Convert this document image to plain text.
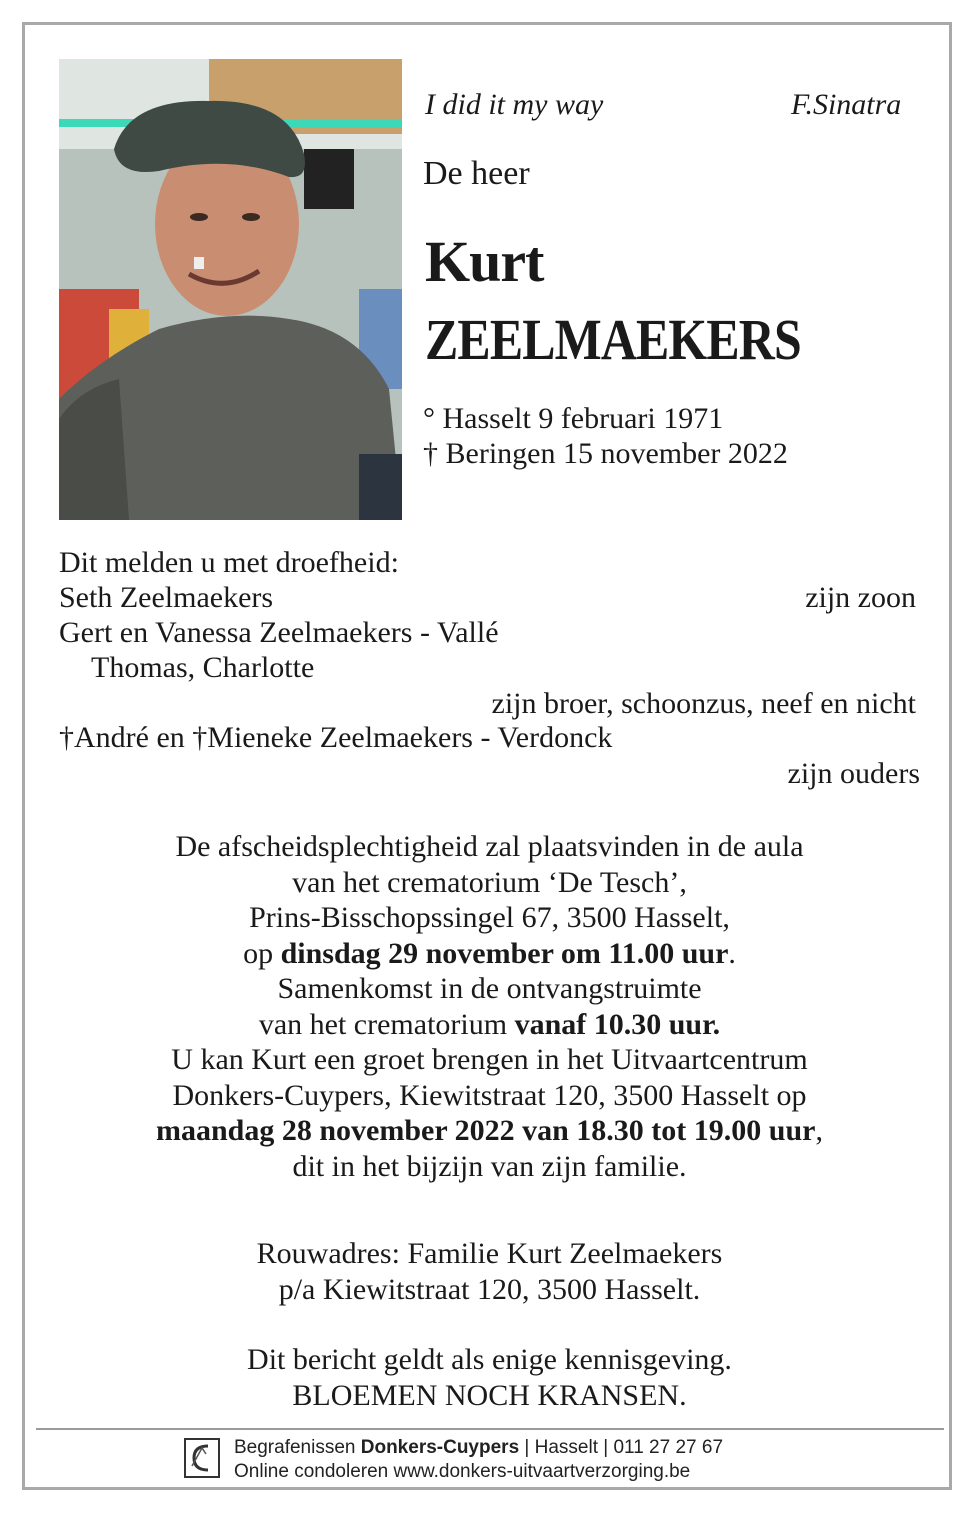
I did it my way	F.Sinatra
De heer
Kurt
ZEELMAEKERS
° Hasselt 9 februari 1971
† Beringen 15 november 2022
Dit melden u met droefheid:
Seth Zeelmaekers	zijn zoon
Gert en Vanessa Zeelmaekers - Vallé
Thomas, Charlotte
zijn broer, schoonzus, neef en nicht
†André en †Mieneke Zeelmaekers - Verdonck
zijn ouders
De afscheidsplechtigheid zal plaatsvinden in de aula
van het crematorium ‘De Tesch’,
Prins-Bisschopssingel 67, 3500 Hasselt,
op dinsdag 29 november om 11.00 uur.
Samenkomst in de ontvangstruimte
van het crematorium vanaf 10.30 uur.
U kan Kurt een groet brengen in het Uitvaartcentrum
Donkers-Cuypers, Kiewitstraat 120, 3500 Hasselt op
maandag 28 november 2022 van 18.30 tot 19.00 uur,
dit in het bijzijn van zijn familie.
Rouwadres: Familie Kurt Zeelmaekers
p/a Kiewitstraat 120, 3500 Hasselt.
Dit bericht geldt als enige kennisgeving.
BLOEMEN NOCH KRANSEN.
Begrafenissen Donkers-Cuypers | Hasselt | 011 27 27 67
Online condoleren www.donkers-uitvaartverzorging.be
